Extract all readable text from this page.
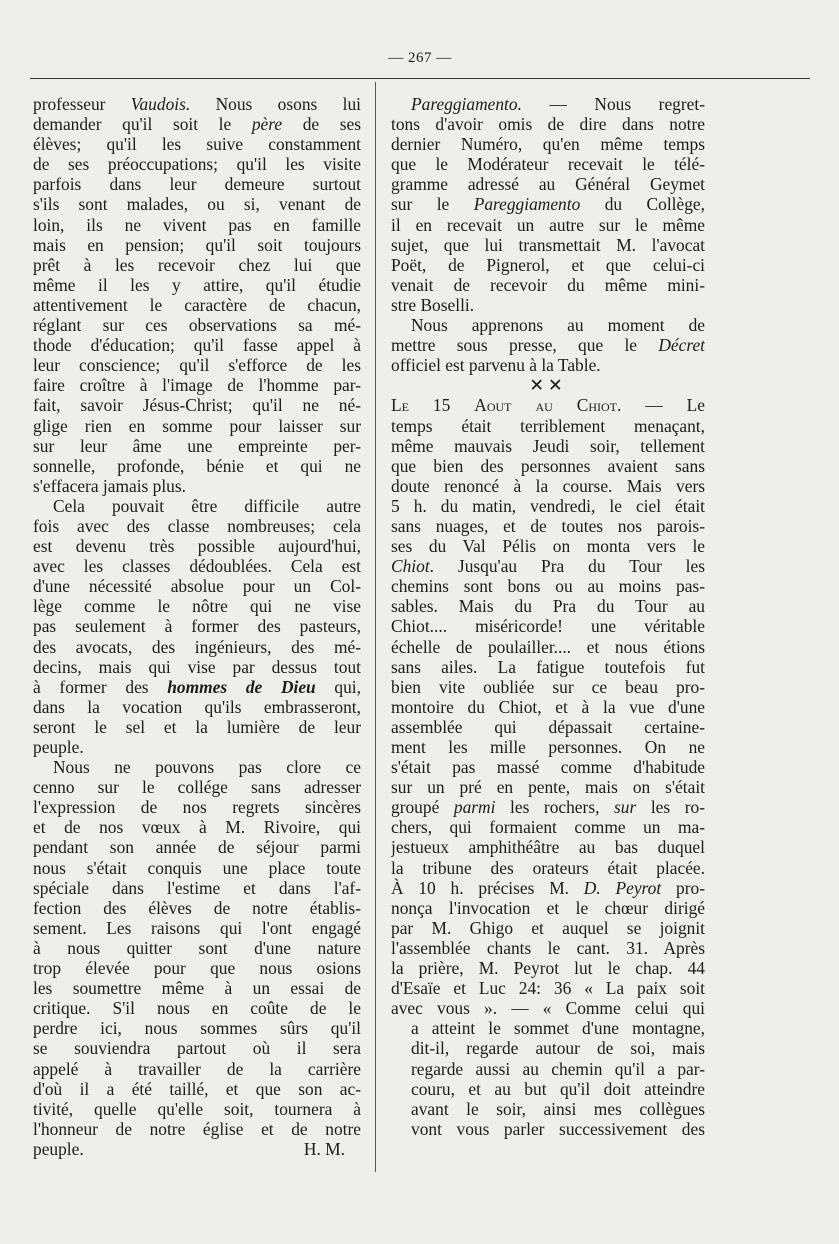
— 267 —
professeur Vaudois. Nous osons lui
demander qu'il soit le père de ses
élèves; qu'il les suive constamment
de ses préoccupations; qu'il les visite
parfois dans leur demeure surtout
s'ils sont malades, ou si, venant de
loin, ils ne vivent pas en famille
mais en pension; qu'il soit toujours
prêt à les recevoir chez lui que
même il les y attire, qu'il étudie
attentivement le caractère de chacun,
réglant sur ces observations sa mé-
thode d'éducation; qu'il fasse appel à
leur conscience; qu'il s'efforce de les
faire croître à l'image de l'homme par-
fait, savoir Jésus-Christ; qu'il ne né-
glige rien en somme pour laisser sur
sur leur âme une empreinte per-
sonnelle, profonde, bénie et qui ne
s'effacera jamais plus.
Cela pouvait être difficile autre
fois avec des classe nombreuses; cela
est devenu très possible aujourd'hui,
avec les classes dédoublées. Cela est
d'une nécessité absolue pour un Col-
lège comme le nôtre qui ne vise
pas seulement à former des pasteurs,
des avocats, des ingénieurs, des mé-
decins, mais qui vise par dessus tout
à former des hommes de Dieu qui,
dans la vocation qu'ils embrasseront,
seront le sel et la lumière de leur
peuple.
Nous ne pouvons pas clore ce
cenno sur le collége sans adresser
l'expression de nos regrets sincères
et de nos vœux à M. Rivoire, qui
pendant son année de séjour parmi
nous s'était conquis une place toute
spéciale dans l'estime et dans l'af-
fection des élèves de notre établis-
sement. Les raisons qui l'ont engagé
à nous quitter sont d'une nature
trop élevée pour que nous osions
les soumettre même à un essai de
critique. S'il nous en coûte de le
perdre ici, nous sommes sûrs qu'il
se souviendra partout où il sera
appelé à travailler de la carrière
d'où il a été taillé, et que son ac-
tivité, quelle qu'elle soit, tournera à
l'honneur de notre église et de notre
peuple.	H. M.
Pareggiamento. — Nous regret-
tons d'avoir omis de dire dans notre
dernier Numéro, qu'en même temps
que le Modérateur recevait le télé-
gramme adressé au Général Geymet
sur le Pareggiamento du Collège,
il en recevait un autre sur le même
sujet, que lui transmettait M. l'avocat
Poët, de Pignerol, et que celui-ci
venait de recevoir du même mini-
stre Boselli.
Nous apprenons au moment de
mettre sous presse, que le Décret
officiel est parvenu à la Table.
✕✕
Le 15 Aout au Chiot. — Le
temps était terriblement menaçant,
même mauvais Jeudi soir, tellement
que bien des personnes avaient sans
doute renoncé à la course. Mais vers
5 h. du matin, vendredi, le ciel était
sans nuages, et de toutes nos parois-
ses du Val Pélis on monta vers le
Chiot. Jusqu'au Pra du Tour les
chemins sont bons ou au moins pas-
sables. Mais du Pra du Tour au
Chiot.... miséricorde! une véritable
échelle de poulailler.... et nous étions
sans ailes. La fatigue toutefois fut
bien vite oubliée sur ce beau pro-
montoire du Chiot, et à la vue d'une
assemblée qui dépassait certaine-
ment les mille personnes. On ne
s'était pas massé comme d'habitude
sur un pré en pente, mais on s'était
groupé parmi les rochers, sur les ro-
chers, qui formaient comme un ma-
jestueux amphithéâtre au bas duquel
la tribune des orateurs était placée.
À 10 h. précises M. D. Peyrot pro-
nonça l'invocation et le chœur dirigé
par M. Ghigo et auquel se joignit
l'assemblée chants le cant. 31. Après
la prière, M. Peyrot lut le chap. 44
d'Esaïe et Luc 24: 36 « La paix soit
avec vous ». — « Comme celui qui
a atteint le sommet d'une montagne,
dit-il, regarde autour de soi, mais
regarde aussi au chemin qu'il a par-
couru, et au but qu'il doit atteindre
avant le soir, ainsi mes collègues
vont vous parler successivement des
